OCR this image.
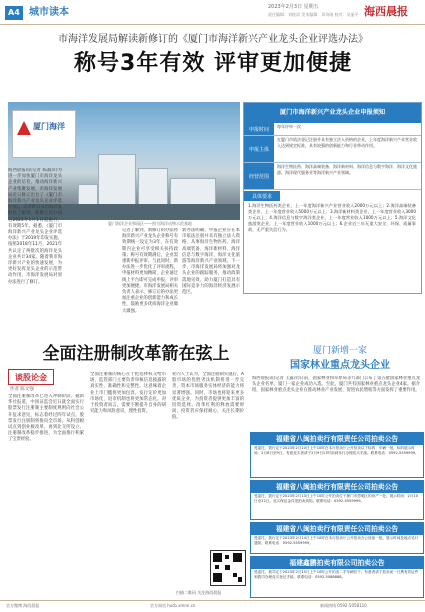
A4 城市读本	2023年2月3日 星期五
责任编辑：刘桂清 美术编辑：邓诗刚 校对：吴丽平 海西晨报
市海洋发展局解读新修订的《厦门市海洋新兴产业龙头企业评选办法》
称号3年有效 评审更加便捷
厦门海洋
厦门海洋企业和园区——图为海洋动物示范基地
海西晨报讯(记者 陈淑萍)为进一步加快厦门市海洋龙头企业的培育，推动海洋新兴产业集聚发展，市海洋发展局近日修订出台了《厦门市海洋新兴产业龙头企业评选办法》。记者昨日从市海洋发展局了解到，新修订的办法自2023年1月1日起施行，有效期5年。据悉，《厦门市海洋新兴产业龙头企业评选办法》于2019年印发实施，按照2018年11月，2021年共认定了两批次的海洋龙头企业共计34家。随着我市海洋新兴产业的快速发展，为更好发挥龙头企业的示范带动作用，市海洋发展局对原办法进行了修订。
记者了解到，新修订的办法将海洋新兴产业龙头企业称号有效期统一设定为3年，在有效期内企业可享受相关扶持政策；称号有效期满后，企业需重新申报评审。与此同时，新办法进一步优化了评审流程，申报材料更加精简，企业通过线上平台即可完成申报，评审更加便捷。市海洋发展局相关负责人表示，修订后的办法更加注重企业的创新能力和成长性，鼓励更多优质海洋企业做大做强。
新办法明确，申报企业应在本市依法注册并具有独立法人资格，从事海洋生物医药、海洋高端装备、海洋新材料、海洋信息与数字海洋、海洋文化旅游等海洋新兴产业领域。下一步，市海洋发展局将加强对龙头企业的跟踪服务，推动政策落地见效，助力厦门打造具有国际竞争力的海洋经济发展示范区。
厦门市海洋新兴产业龙头企业申报须知
申报时间	每年评审一次
申报主体
在厦门市依法登记注册并具有独立法人资格的企业，上年度海洋新兴产业营业收入达到规定标准，具有较强的创新能力和行业带动作用。
经营范围
海洋生物医药、海洋高端装备、海洋新材料、海洋信息与数字海洋、海洋文化旅游、海洋现代服务业等海洋新兴产业领域。
具体要求
1.海洋生物医药类企业，上一年度海洋新兴产业营业收入2000万元以上；2.海洋高端装备类企业，上一年度营业收入5000万元以上；3.海洋新材料类企业，上一年度营业收入3000万元以上；4.海洋信息与数字海洋类企业，上一年度营业收入1000万元以上；5.海洋文化旅游类企业，上一年度营业收入1000万元以上；6.企业近三年无重大安全、环保、质量事故，无严重失信行为。
全面注册制改革箭在弦上
谈股论金
作者 陈文强
全面注册制改革已进入冲刺阶段。据新华社报道，中国证监会近日就全面实行股票发行注册制主要制度规则向社会公开征求意见，标志着经过四年试点，股票发行注册制将推向全市场。从科创板试点到创业板改革，再到北交所设立，注册制改革稳步推进，为全面推行积累了宝贵经验。
全面注册制的核心在于把选择权交给市场，监管部门主要负责审核信息披露的真实性、准确性和完整性。这意味着企业上市门槛将更加包容，发行定价更加市场化，退市机制也将更加常态化。对于投资者而言，需要不断提升自身的研究能力和风险意识，理性投资。
业内人士认为，全面注册制实施后，A股市场的优胜劣汰机制将进一步完善，资本市场服务实体经济的能力将显著增强。同时，市场也将迎来更多优质企业，为投资者提供更加丰富的投资选择。改革红利的释放需要时间，投资者应保持耐心，关注长期价值。
厦门新增一家
国家林业重点龙头企业
海西晨报讯(记者 王露萍)日前，国家林业和草原局等九部门公布了第五批国家林业重点龙头企业名单，厦门一家企业成功入选。至此，厦门共有国家林业重点龙头企业4家。据介绍，国家林业重点龙头企业在推动林业产业发展、促进农民增收等方面发挥了重要作用。
福建省八闽拍卖行有限责任公司拍卖公告
受委托，我行定于2023年2月10日上午10时在本行拍卖厅公开拍卖以下标的：车辆一批。标的展示时间：2月8日至9日。有意竞买者请于2月9日17时前到本行办理竞买手续。联系电话：0592-5559999。
福建省八闽拍卖行有限责任公司拍卖公告
受委托，我行定于2023年2月13日上午10时公开拍卖位于厦门市思明区的房产一处。展示时间：2月10日至12日。竞买保证金详见拍卖须知。联系电话：0592-5559999。
福建省八闽拍卖行有限责任公司拍卖公告
受委托，我行定于2023年2月14日上午10时在本行拍卖厅公开拍卖办公设备一批。展示时间及地点另行通知。联系电话：0592-5559999。
福建鑫鹏拍卖有限公司拍卖公告
受委托，我司定于2023年2月15日上午10时公开拍卖二手车辆若干。有意者请于拍卖前一日携有效证件到我司办理竞买登记手续。联系电话：0592-5088888。
扫描二维码 关注海西晨报
官方微博 海西晨报	官方网站 hxcb.xmnn.cn	新闻热线 0592-5058110
